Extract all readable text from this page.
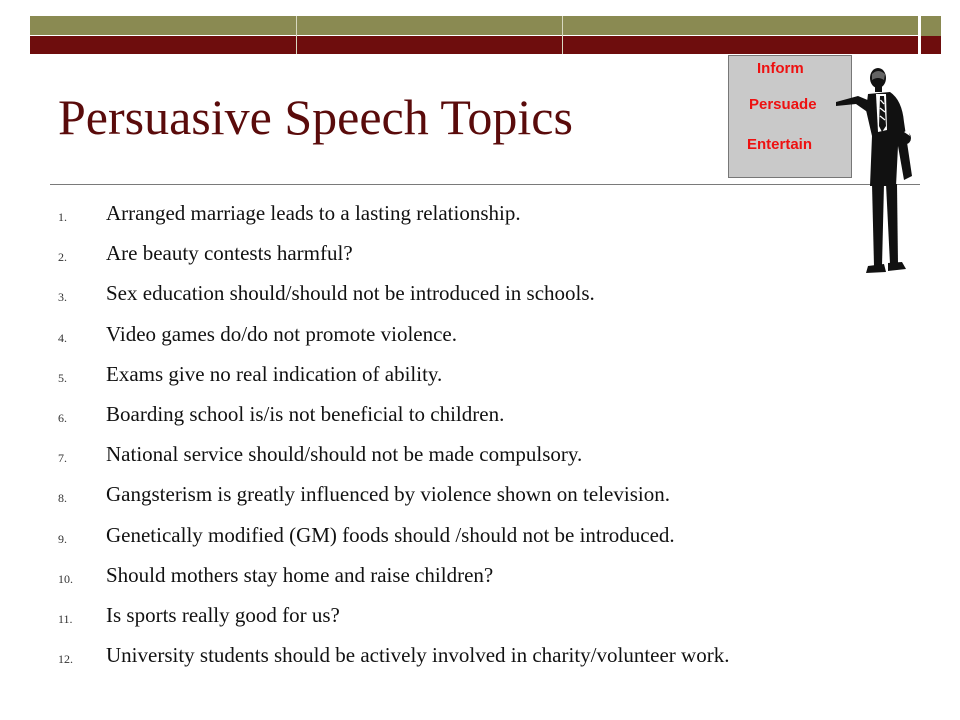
Persuasive Speech Topics
Inform
Persuade
Entertain
1. Arranged marriage leads to a lasting relationship.
2. Are beauty contests harmful?
3. Sex education should/should not be introduced in schools.
4. Video games do/do not promote violence.
5. Exams give no real indication of ability.
6. Boarding school is/is not beneficial to children.
7. National service should/should not be made compulsory.
8. Gangsterism is greatly influenced by violence shown on television.
9. Genetically modified (GM) foods should /should not be introduced.
10. Should mothers stay home and raise children?
11. Is sports really good for us?
12. University students should be actively involved in charity/volunteer work.
